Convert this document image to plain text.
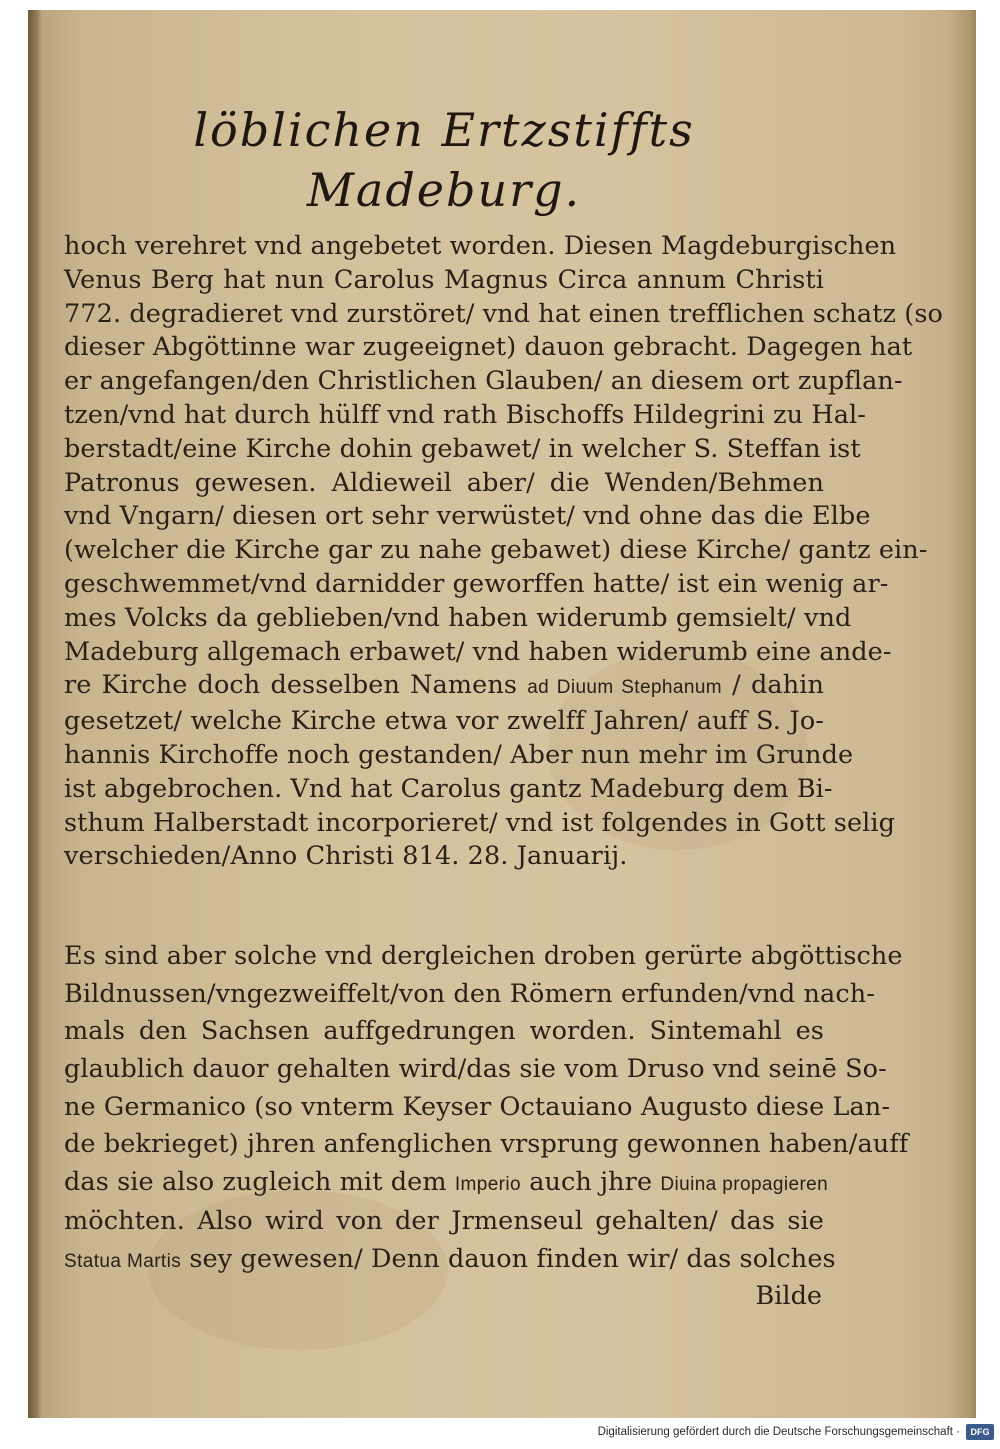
löblichen Ertzstiffts Madeburg.
hoch verehret vnd angebetet worden. Diesen Magdeburgischen
Venus Berg hat nun Carolus Magnus Circa annum Christi
772. degradieret vnd zurstöret/ vnd hat einen trefflichen schatz (so
dieser Abgöttinne war zugeeignet) dauon gebracht. Dagegen hat
er angefangen/den Christlichen Glauben/ an diesem ort zupflan-
tzen/vnd hat durch hülff vnd rath Bischoffs Hildegrini zu Hal-
berstadt/eine Kirche dohin gebawet/ in welcher S. Steffan ist
Patronus gewesen. Aldieweil aber/ die Wenden/Behmen
vnd Vngarn/ diesen ort sehr verwüstet/ vnd ohne das die Elbe
(welcher die Kirche gar zu nahe gebawet) diese Kirche/ gantz ein-
geschwemmet/vnd darnidder geworffen hatte/ ist ein wenig ar-
mes Volcks da geblieben/vnd haben widerumb gemsielt/ vnd
Madeburg allgemach erbawet/ vnd haben widerumb eine ande-
re Kirche doch desselben Namens ad Diuum Stephanum / dahin
gesetzet/ welche Kirche etwa vor zwelff Jahren/ auff S. Jo-
hannis Kirchoffe noch gestanden/ Aber nun mehr im Grunde
ist abgebrochen. Vnd hat Carolus gantz Madeburg dem Bi-
sthum Halberstadt incorporieret/ vnd ist folgendes in Gott selig
verschieden/Anno Christi 814. 28. Januarij.
Es sind aber solche vnd dergleichen droben gerürte abgöttische
Bildnussen/vngezweiffelt/von den Römern erfunden/vnd nach-
mals den Sachsen auffgedrungen worden. Sintemahl es
glaublich dauor gehalten wird/das sie vom Druso vnd seinē So-
ne Germanico (so vnterm Keyser Octauiano Augusto diese Lan-
de bekrieget) jhren anfenglichen vrsprung gewonnen haben/auff
das sie also zugleich mit dem Imperio auch jhre Diuina propagieren
möchten. Also wird von der Jrmenseul gehalten/ das sie
Statua Martis sey gewesen/ Denn dauon finden wir/ das solches
Bilde
Digitalisierung gefördert durch die Deutsche Forschungsgemeinschaft ·	DFG
